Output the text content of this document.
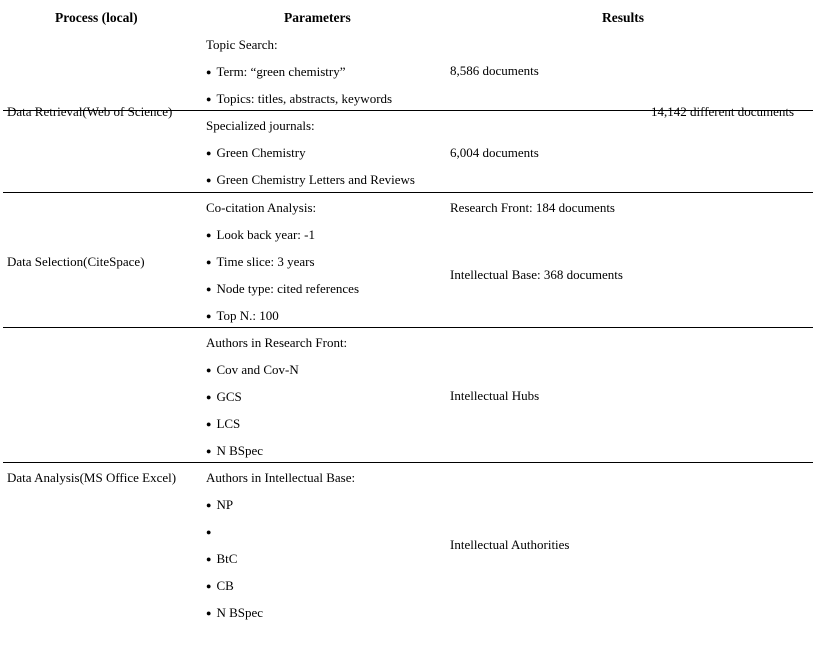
Process (local)	Parameters	Results
Topic Search:
● Term: “green chemistry”
● Topics: titles, abstracts, keywords
8,586 documents
Data Retrieval(Web of Science)	14,142 different documents
Specialized journals:
● Green Chemistry
● Green Chemistry Letters and Reviews
6,004 documents
Co-citation Analysis:	Research Front: 184 documents
● Look back year: -1
Data Selection(CiteSpace)
●	Time slice: 3 years
Intellectual Base: 368 documents
● Node type: cited references
● Top N.: 100
Authors in Research Front:
● Cov and Cov-N
● GCS	Intellectual Hubs
● LCS
● N BSpec
Data Analysis(MS Office Excel) Authors in Intellectual Base:
● NP
●
Intellectual Authorities
● BtC
● CB
● N BSpec
